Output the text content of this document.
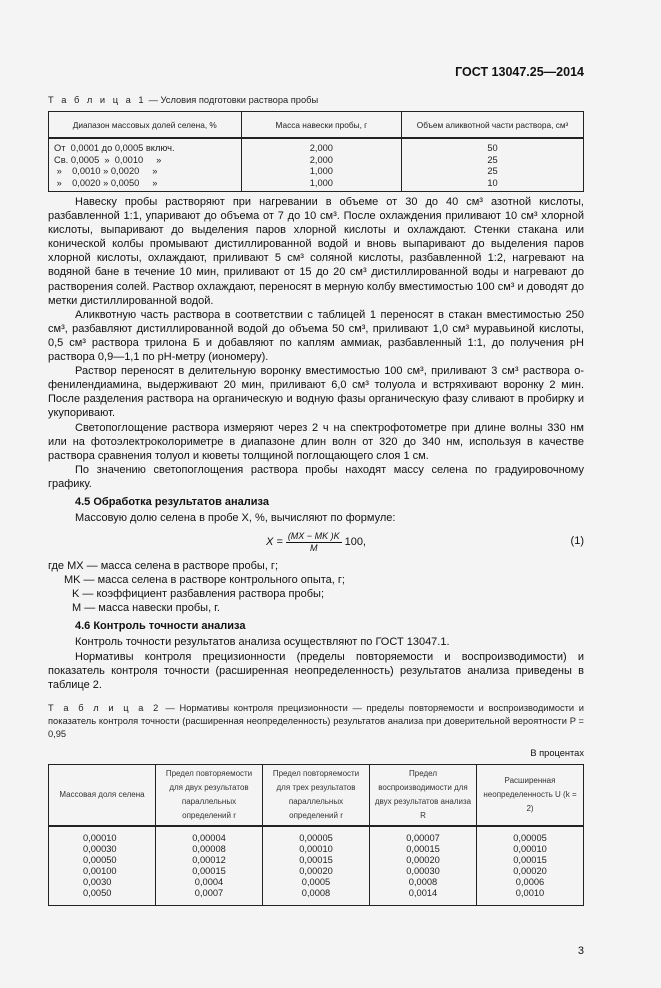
ГОСТ 13047.25—2014
Т а б л и ц а 1 — Условия подготовки раствора пробы
Диапазон массовых долей селена, %	Масса навески пробы, г	Объем аликвотной части раствора, см³
От  0,0001 до 0,0005 включ.	2,000	50
Св. 0,0005  »  0,0010     »	2,000	25
»    0,0010 » 0,0020     »	1,000	25
»    0,0020 » 0,0050     »	1,000	10

Навеску пробы растворяют при нагревании в объеме от 30 до 40 см³ азотной кислоты, разбавленной 1:1, упаривают до объема от 7 до 10 см³. После охлаждения приливают 10 см³ хлорной кислоты, выпаривают до выделения паров хлорной кислоты и охлаждают. Стенки стакана или конической колбы промывают дистиллированной водой и вновь выпаривают до выделения паров хлорной кислоты, охлаждают, приливают 5 см³ соляной кислоты, разбавленной 1:2, нагревают на водяной бане в течение 10 мин, приливают от 15 до 20 см³ дистиллированной воды и нагревают до растворения солей. Раствор охлаждают, переносят в мерную колбу вместимостью 100 см³ и доводят до метки дистиллированной водой.

Аликвотную часть раствора в соответствии с таблицей 1 переносят в стакан вместимостью 250 см³, разбавляют дистиллированной водой до объема 50 см³, приливают 1,0 см³ муравьиной кислоты, 0,5 см³ раствора трилона Б и добавляют по каплям аммиак, разбавленный 1:1, до получения pH раствора 0,9—1,1 по pH-метру (иономеру).

Раствор переносят в делительную воронку вместимостью 100 см³, приливают 3 см³ раствора о-фенилендиамина, выдерживают 20 мин, приливают 6,0 см³ толуола и встряхивают воронку 2 мин. После разделения раствора на органическую и водную фазы органическую фазу сливают в пробирку и укупоривают.

Светопоглощение раствора измеряют через 2 ч на спектрофотометре при длине волны 330 нм или на фотоэлектроколориметре в диапазоне длин волн от 320 до 340 нм, используя в качестве раствора сравнения толуол и кюветы толщиной поглощающего слоя 1 см.

По значению светопоглощения раствора пробы находят массу селена по градуировочному графику.

4.5 Обработка результатов анализа

Массовую долю селена в пробе X, %, вычисляют по формуле:

$X = \frac{(MX - MK )K}{M} 100$,	(1)
где MX — масса селена в растворе пробы, г;
MK — масса селена в растворе контрольного опыта, г;
K — коэффициент разбавления раствора пробы;
M — масса навески пробы, г.
4.6 Контроль точности анализа

Контроль точности результатов анализа осуществляют по ГОСТ 13047.1.

Нормативы контроля прецизионности (пределы повторяемости и воспроизводимости) и показатель контроля точности (расширенная неопределенность) результатов анализа приведены в таблице 2.

Т а б л и ц а 2 — Нормативы контроля прецизионности — пределы повторяемости и воспроизводимости и показатель контроля точности (расширенная неопределенность) результатов анализа при доверительной вероятности P = 0,95
В процентах
Массовая доля селена	Предел повторяемости для двух результатов параллельных определений r	Предел повторяемости для трех результатов параллельных определений r	Предел воспроизводимости для двух результатов анализа R	Расширенная неопределенность U (k = 2)
0,00010	0,00004	0,00005	0,00007	0,00005
0,00030	0,00008	0,00010	0,00015	0,00010
0,00050	0,00012	0,00015	0,00020	0,00015
0,00100	0,00015	0,00020	0,00030	0,00020
0,0030	0,0004	0,0005	0,0008	0,0006
0,0050	0,0007	0,0008	0,0014	0,0010
3
